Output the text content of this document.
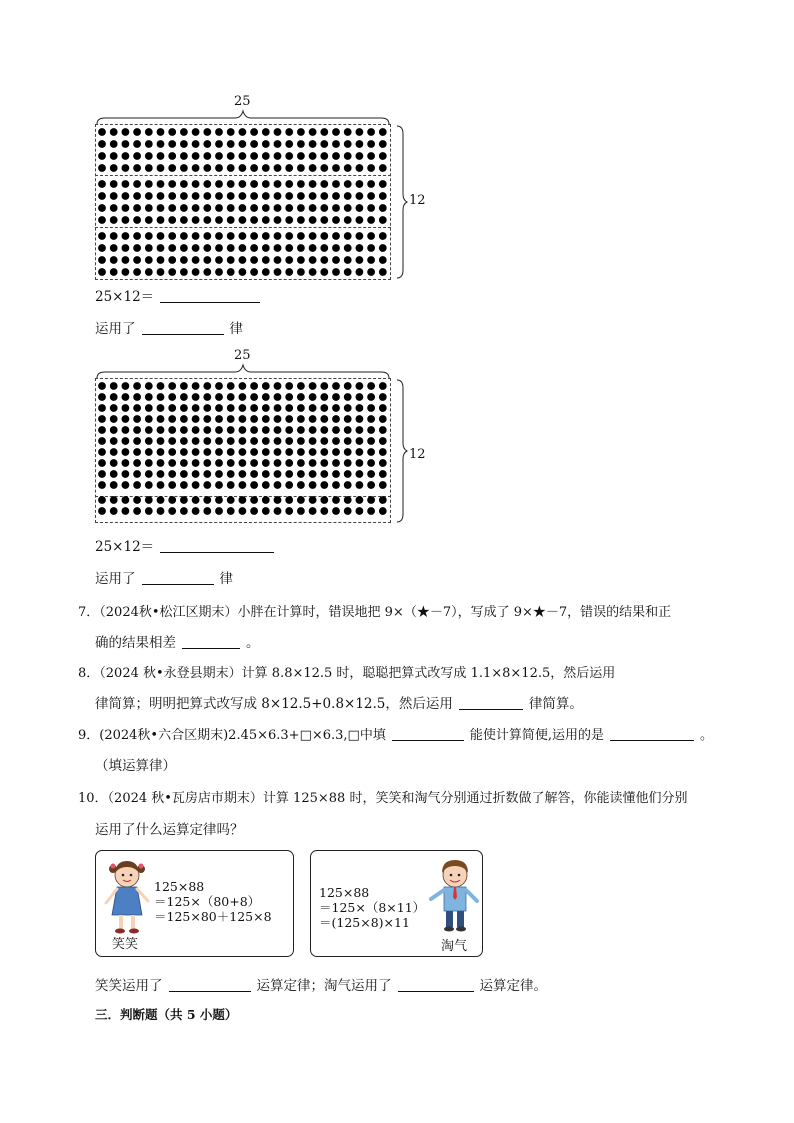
25
12
25×12＝
运用了	律
25
12
25×12＝
运用了	律
7．（2024秋•松江区期末）小胖在计算时，错误地把 9×（★－7），写成了 9×★－7，错误的结果和正
确的结果相差	。
8．（2024 秋•永登县期末）计算 8.8×12.5 时，聪聪把算式改写成 1.1×8×12.5，然后运用
律简算；明明把算式改写成 8×12.5+0.8×12.5，然后运用	律简算。
9．(2024秋•六合区期末)2.45×6.3+□×6.3,□中填	能使计算简便,运用的是	。
（填运算律）
10．（2024 秋•瓦房店市期末）计算 125×88 时，笑笑和淘气分别通过折数做了解答，你能读懂他们分别
运用了什么运算定律吗？
笑笑
125×88
＝125×（80+8）
＝125×80＋125×8
125×88
＝125×（8×11）
＝(125×8)×11
淘气
笑笑运用了	运算定律；淘气运用了	运算定律。
三．判断题（共 5 小题）
